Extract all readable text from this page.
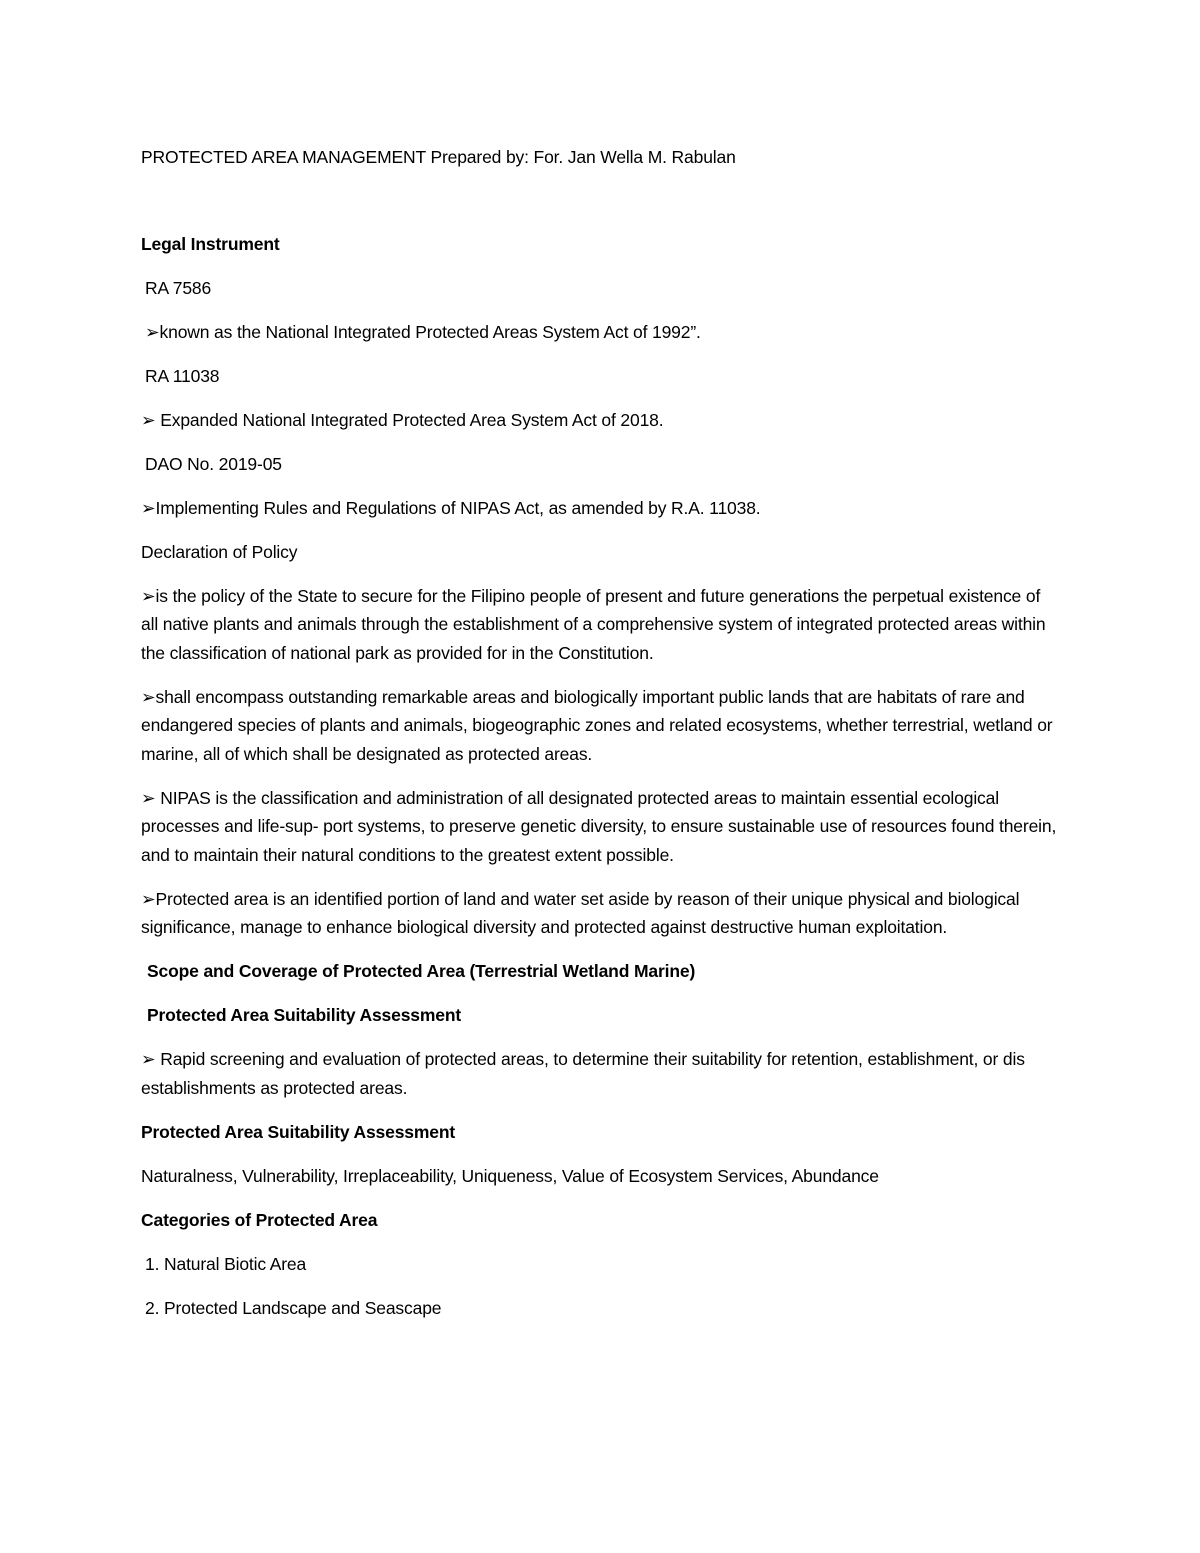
PROTECTED AREA MANAGEMENT Prepared by: For. Jan Wella M. Rabulan

Legal Instrument

RA 7586

➢known as the National Integrated Protected Areas System Act of 1992”.

RA 11038

➢ Expanded National Integrated Protected Area System Act of 2018.

DAO No. 2019-05

➢Implementing Rules and Regulations of NIPAS Act, as amended by R.A. 11038.

Declaration of Policy

➢is the policy of the State to secure for the Filipino people of present and future generations the perpetual existence of all native plants and animals through the establishment of a comprehensive system of integrated protected areas within the classification of national park as provided for in the Constitution.

➢shall encompass outstanding remarkable areas and biologically important public lands that are habitats of rare and endangered species of plants and animals, biogeographic zones and related ecosystems, whether terrestrial, wetland or marine, all of which shall be designated as protected areas.

➢ NIPAS is the classification and administration of all designated protected areas to maintain essential ecological processes and life-sup- port systems, to preserve genetic diversity, to ensure sustainable use of resources found therein, and to maintain their natural conditions to the greatest extent possible.

➢Protected area is an identified portion of land and water set aside by reason of their unique physical and biological significance, manage to enhance biological diversity and protected against destructive human exploitation.

Scope and Coverage of Protected Area (Terrestrial Wetland Marine)

Protected Area Suitability Assessment

➢ Rapid screening and evaluation of protected areas, to determine their suitability for retention, establishment, or dis establishments as protected areas.

Protected Area Suitability Assessment

Naturalness, Vulnerability, Irreplaceability, Uniqueness, Value of Ecosystem Services, Abundance

Categories of Protected Area

1. Natural Biotic Area

2. Protected Landscape and Seascape
